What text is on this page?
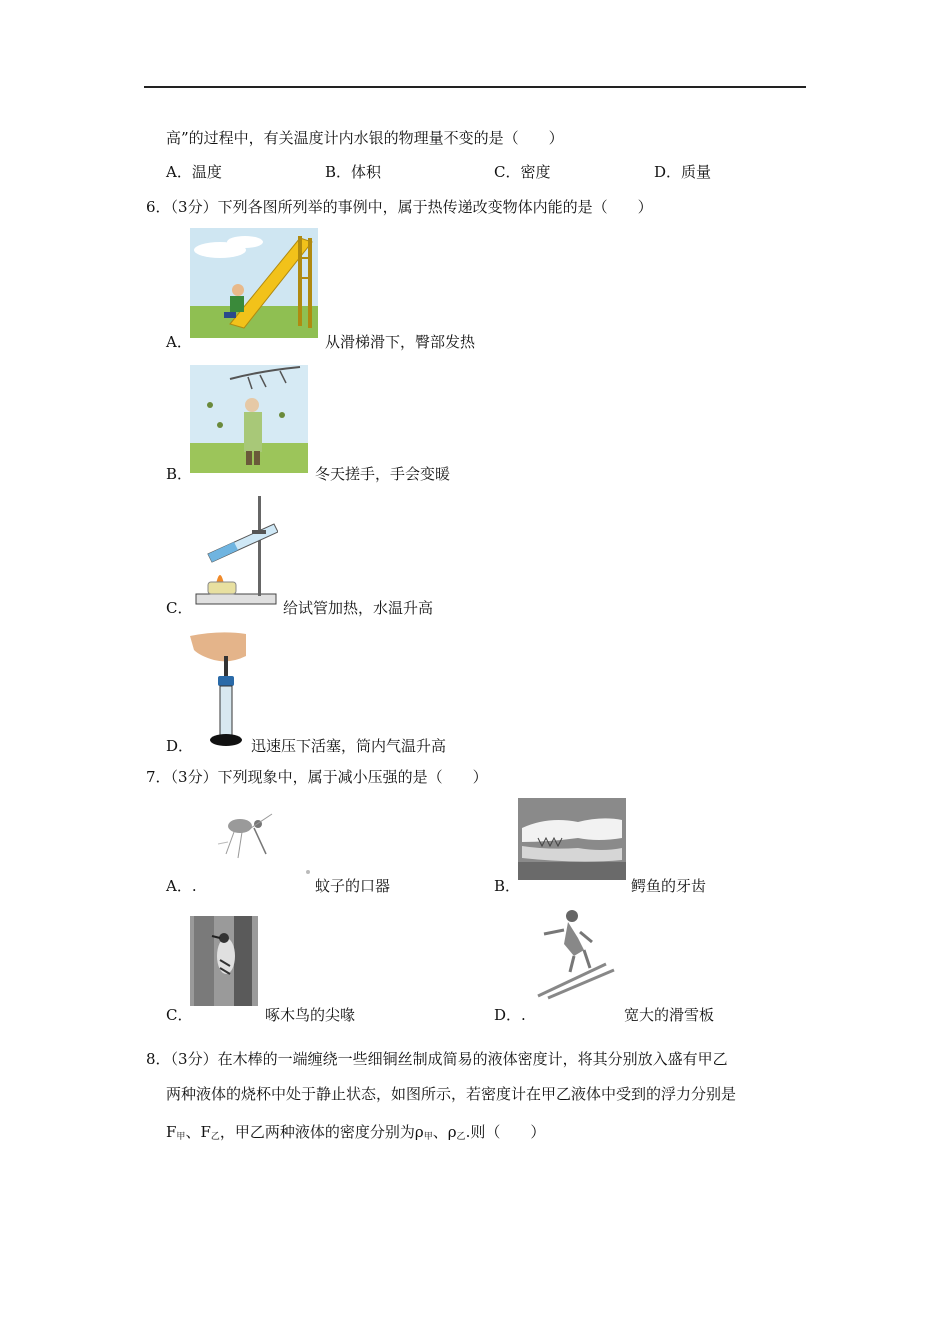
高”的过程中，有关温度计内水银的物理量不变的是（　　）
A．温度	B．体积	C．密度	D．质量
6．（3分）下列各图所列举的事例中，属于热传递改变物体内能的是（　　）
A．	从滑梯滑下，臀部发热
B．	冬天搓手，手会变暖
C．	给试管加热，水温升高
D．	迅速压下活塞，筒内气温升高
7．（3分）下列现象中，属于减小压强的是（　　）
A．.	蚊子的口器	B．	鳄鱼的牙齿
C．	啄木鸟的尖喙	D．.	宽大的滑雪板
8．（3分）在木棒的一端缠绕一些细铜丝制成简易的液体密度计，将其分别放入盛有甲乙
两种液体的烧杯中处于静止状态，如图所示，若密度计在甲乙液体中受到的浮力分别是
$F_甲$、$F_乙$，甲乙两种液体的密度分别为$\rho_甲$、$\rho_乙$.则（　　）
